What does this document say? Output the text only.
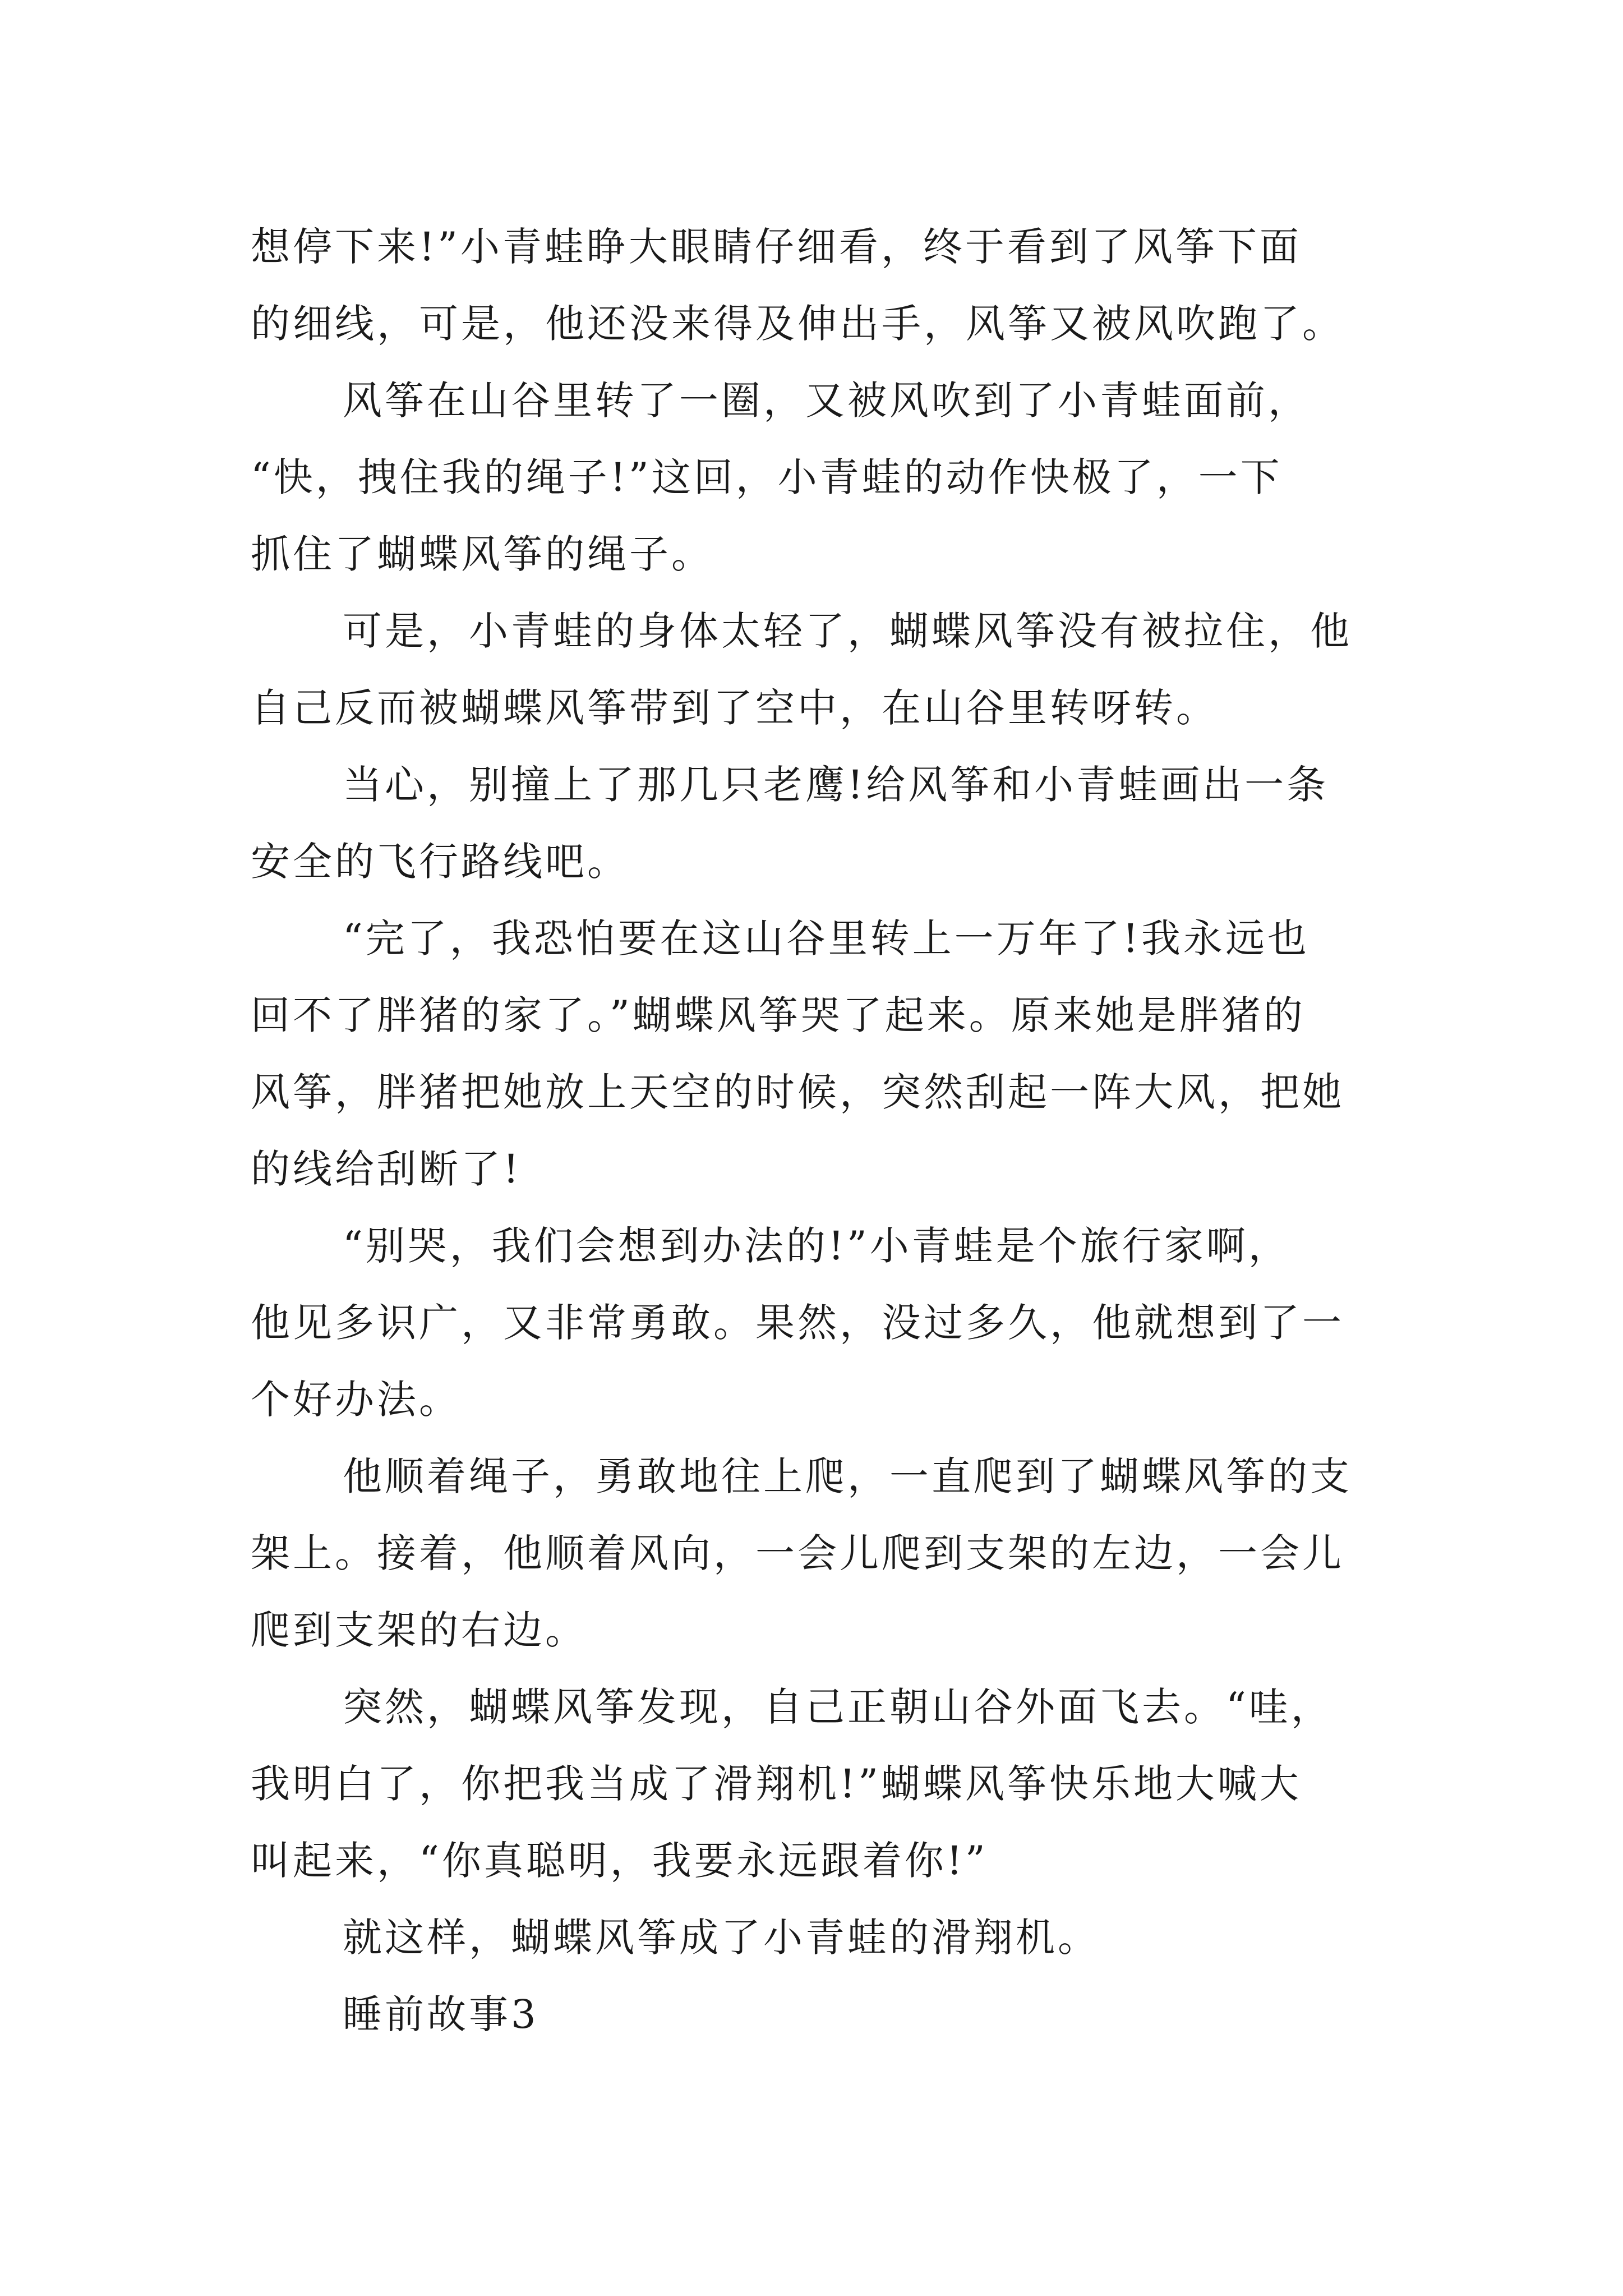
想停下来!”小青蛙睁大眼睛仔细看，终于看到了风筝下面
的细线，可是，他还没来得及伸出手，风筝又被风吹跑了。

风筝在山谷里转了一圈，又被风吹到了小青蛙面前，
“快，拽住我的绳子!”这回，小青蛙的动作快极了，一下
抓住了蝴蝶风筝的绳子。

可是，小青蛙的身体太轻了，蝴蝶风筝没有被拉住，他
自己反而被蝴蝶风筝带到了空中，在山谷里转呀转。

当心，别撞上了那几只老鹰!给风筝和小青蛙画出一条
安全的飞行路线吧。

“完了，我恐怕要在这山谷里转上一万年了!我永远也
回不了胖猪的家了。”蝴蝶风筝哭了起来。原来她是胖猪的
风筝，胖猪把她放上天空的时候，突然刮起一阵大风，把她
的线给刮断了!

“别哭，我们会想到办法的!”小青蛙是个旅行家啊，
他见多识广，又非常勇敢。果然，没过多久，他就想到了一
个好办法。

他顺着绳子，勇敢地往上爬，一直爬到了蝴蝶风筝的支
架上。接着，他顺着风向，一会儿爬到支架的左边，一会儿
爬到支架的右边。

突然，蝴蝶风筝发现，自己正朝山谷外面飞去。“哇，
我明白了，你把我当成了滑翔机!”蝴蝶风筝快乐地大喊大
叫起来，“你真聪明，我要永远跟着你!”

就这样，蝴蝶风筝成了小青蛙的滑翔机。

睡前故事3
